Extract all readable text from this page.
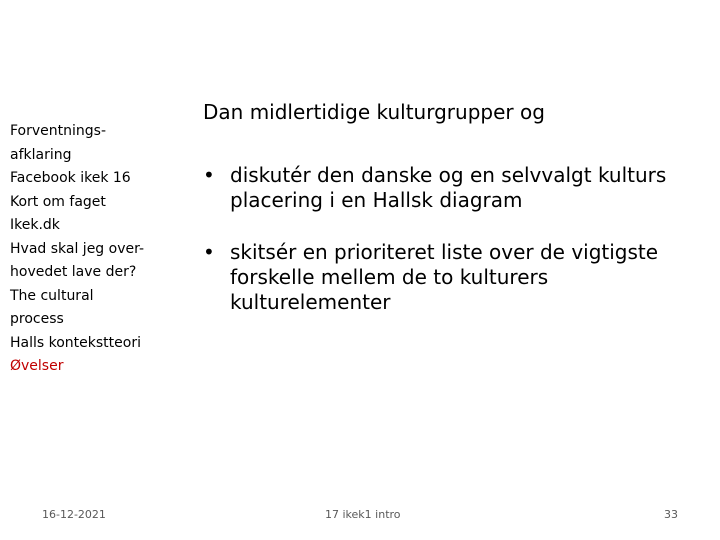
Forventnings-
afklaring
Facebook ikek 16
Kort om faget
Ikek.dk
Hvad skal jeg over-
hovedet lave der?
The cultural
process
Halls kontekstteori
Øvelser
Dan midlertidige kulturgrupper og
• diskutér den danske og en selvvalgt kulturs
placering i en Hallsk diagram
• skitsér en prioriteret liste over de vigtigste
forskelle mellem de to kulturers
kulturelementer
16-12-2021	17 ikek1 intro	33
